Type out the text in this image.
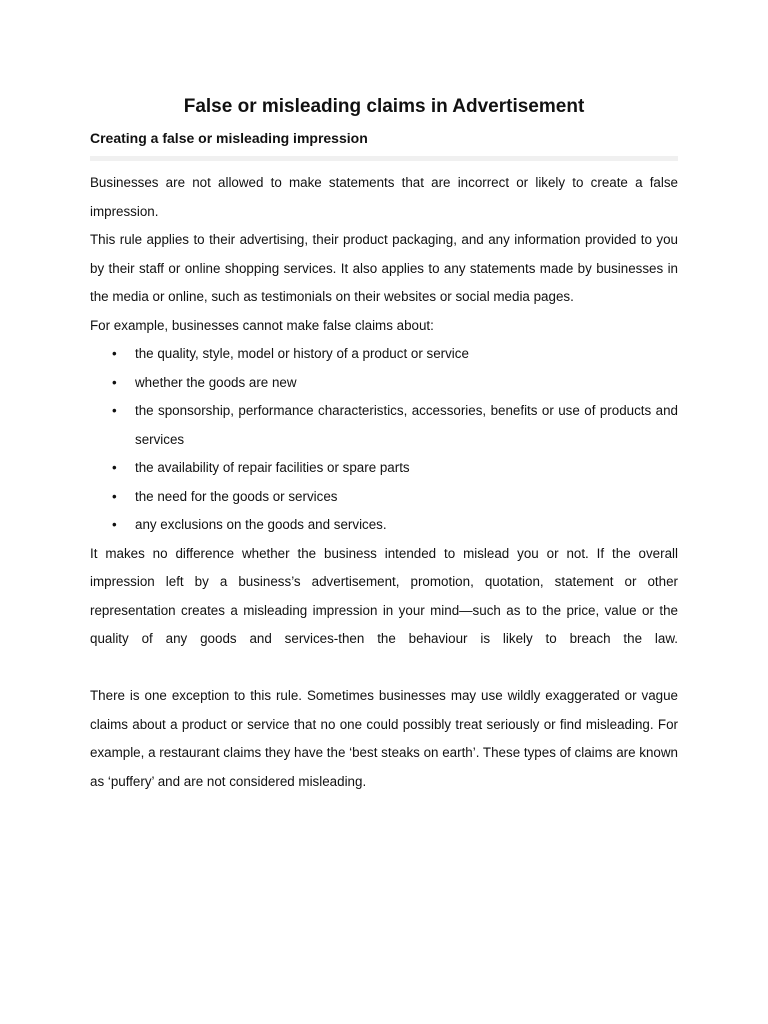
False or misleading claims in Advertisement
Creating a false or misleading impression

Businesses are not allowed to make statements that are incorrect or likely to create a false impression.

This rule applies to their advertising, their product packaging, and any information provided to you by their staff or online shopping services. It also applies to any statements made by businesses in the media or online, such as testimonials on their websites or social media pages.

For example, businesses cannot make false claims about:

• the quality, style, model or history of a product or service
• whether the goods are new
• the sponsorship, performance characteristics, accessories, benefits or use of products and services
• the availability of repair facilities or spare parts
• the need for the goods or services
• any exclusions on the goods and services.

It makes no difference whether the business intended to mislead you or not. If the overall impression left by a business’s advertisement, promotion, quotation, statement or other representation creates a misleading impression in your mind—such as to the price, value or the quality of any goods and services-then the behaviour is likely to breach the law.

There is one exception to this rule. Sometimes businesses may use wildly exaggerated or vague claims about a product or service that no one could possibly treat seriously or find misleading. For example, a restaurant claims they have the ‘best steaks on earth’. These types of claims are known as ‘puffery’ and are not considered misleading.
